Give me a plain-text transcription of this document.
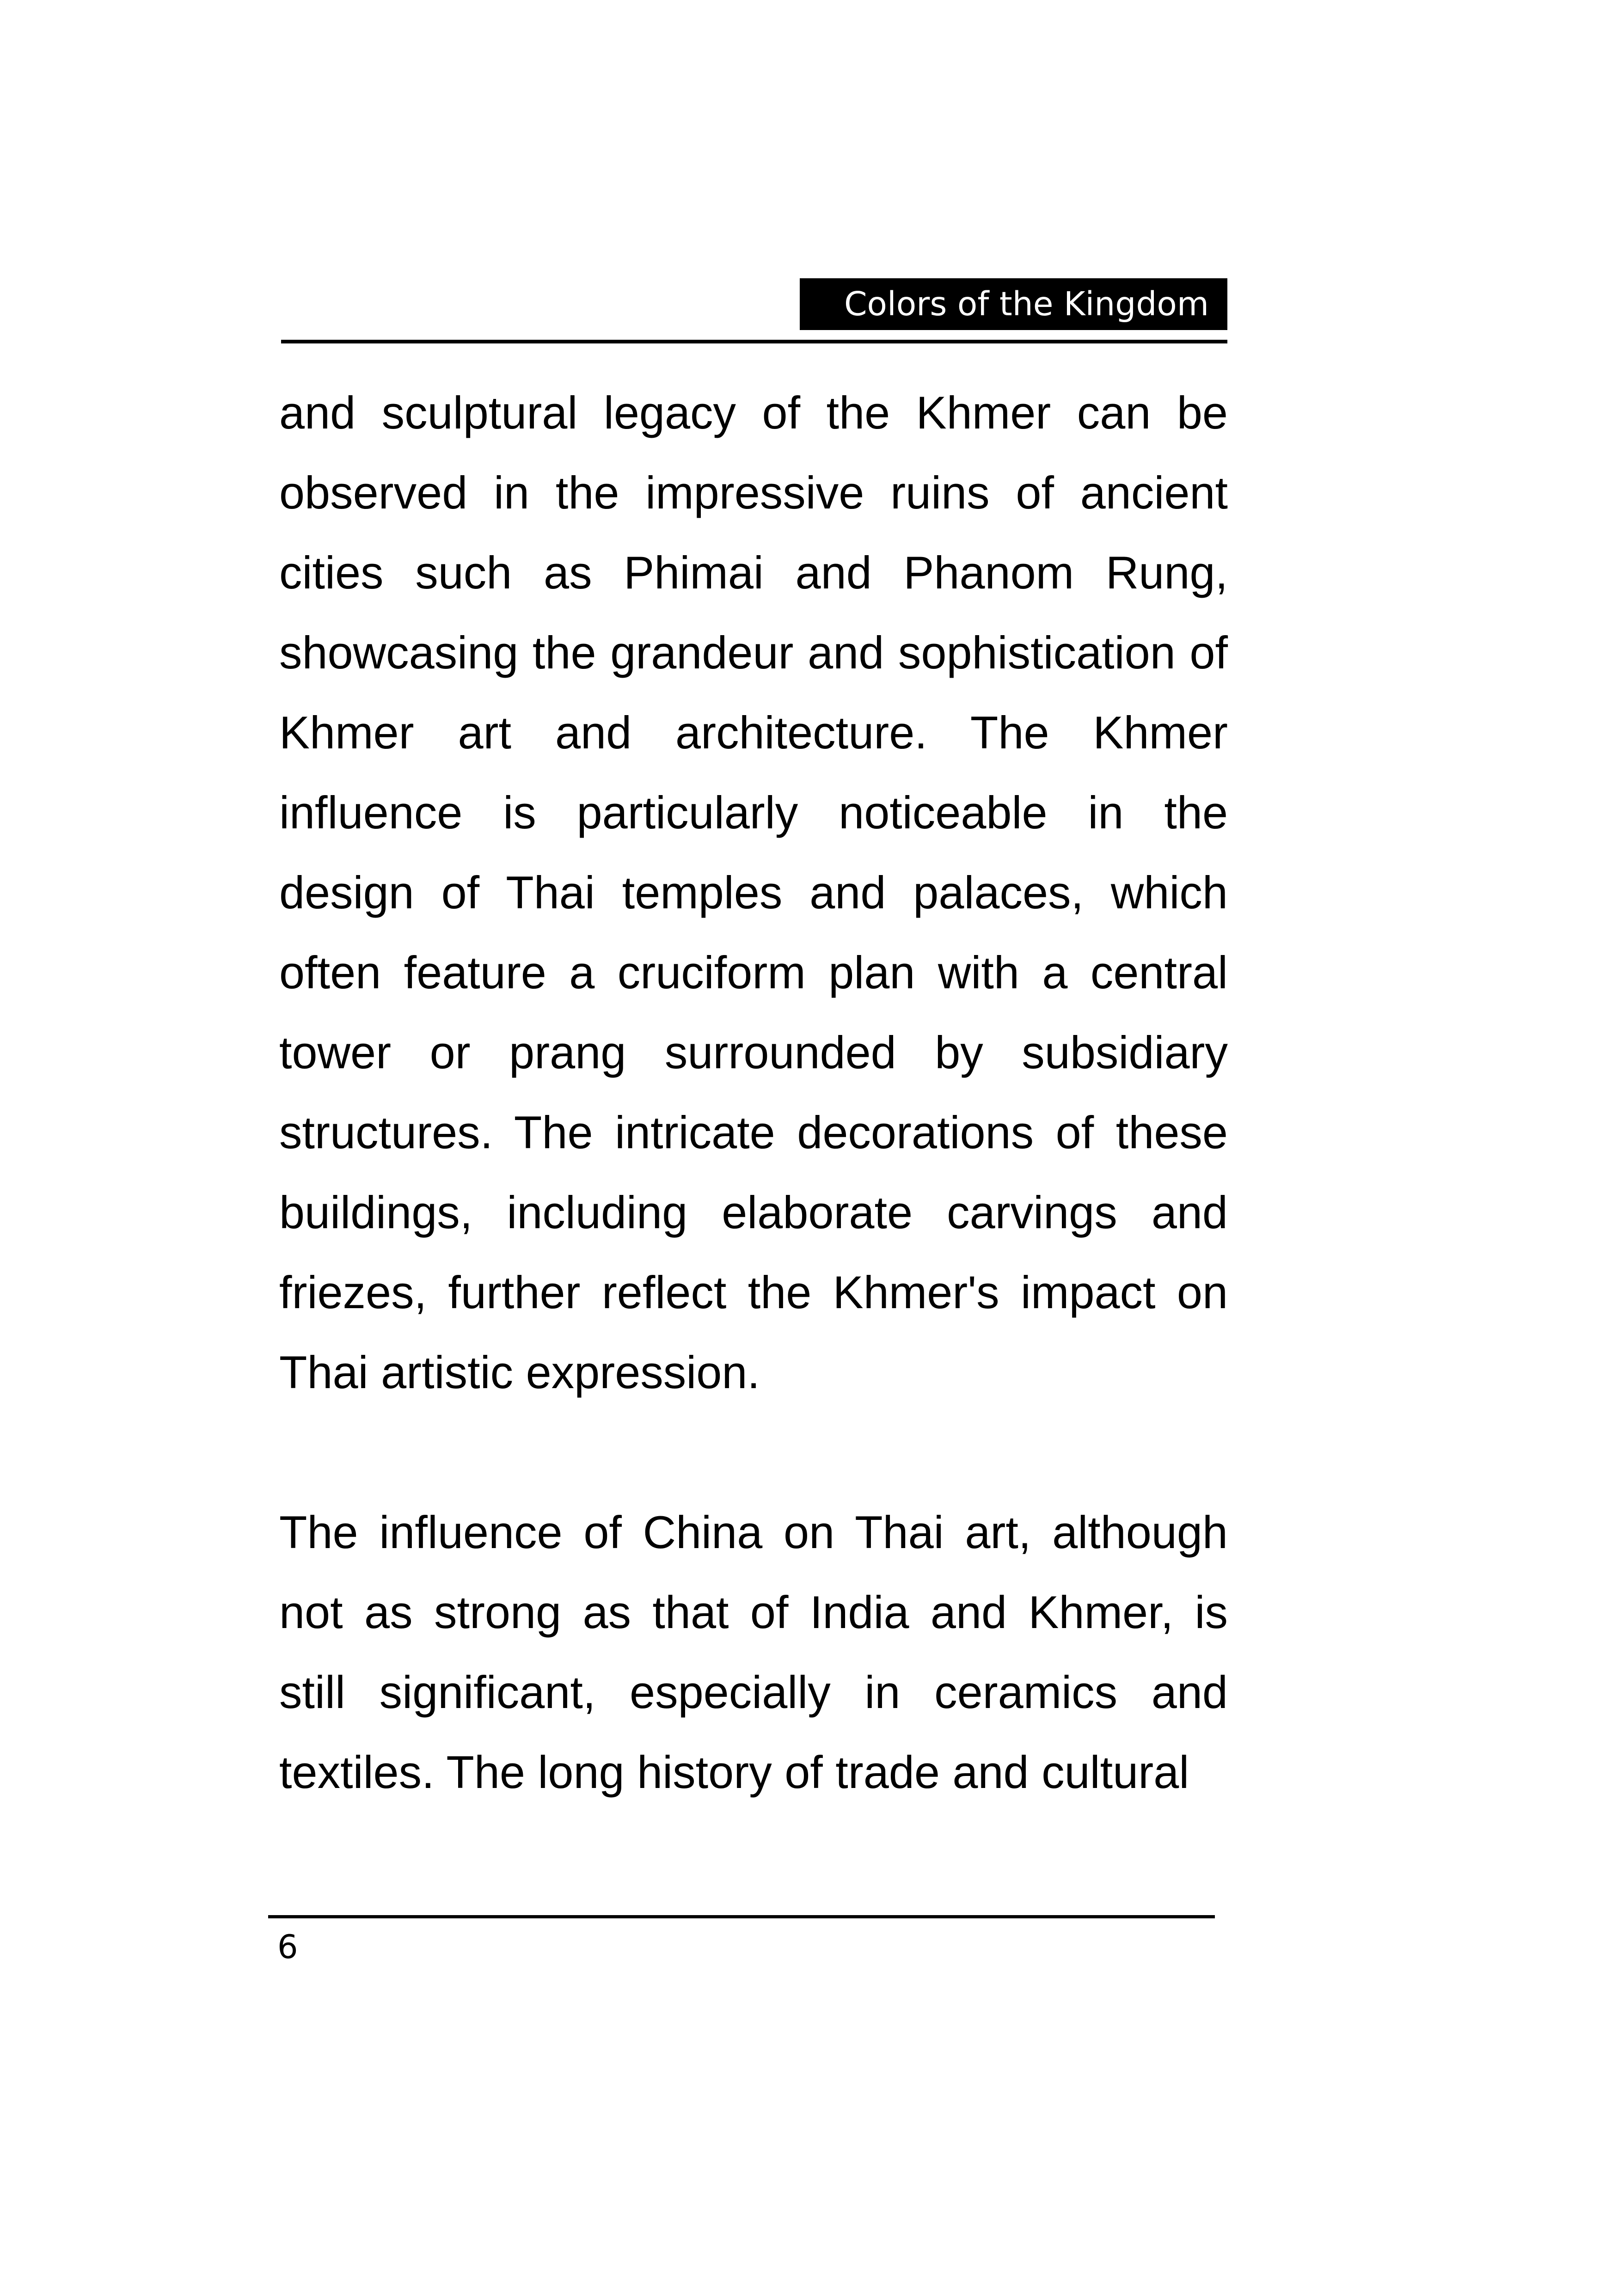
Colors of the Kingdom

and sculptural legacy of the Khmer can be observed in the impressive ruins of ancient cities such as Phimai and Phanom Rung, showcasing the grandeur and sophistication of Khmer art and architecture. The Khmer influence is particularly noticeable in the design of Thai temples and palaces, which often feature a cruciform plan with a central tower or prang surrounded by subsidiary structures. The intricate decorations of these buildings, including elaborate carvings and friezes, further reflect the Khmer's impact on Thai artistic expression.

The influence of China on Thai art, although not as strong as that of India and Khmer, is still significant, especially in ceramics and textiles. The long history of trade and cultural

6
